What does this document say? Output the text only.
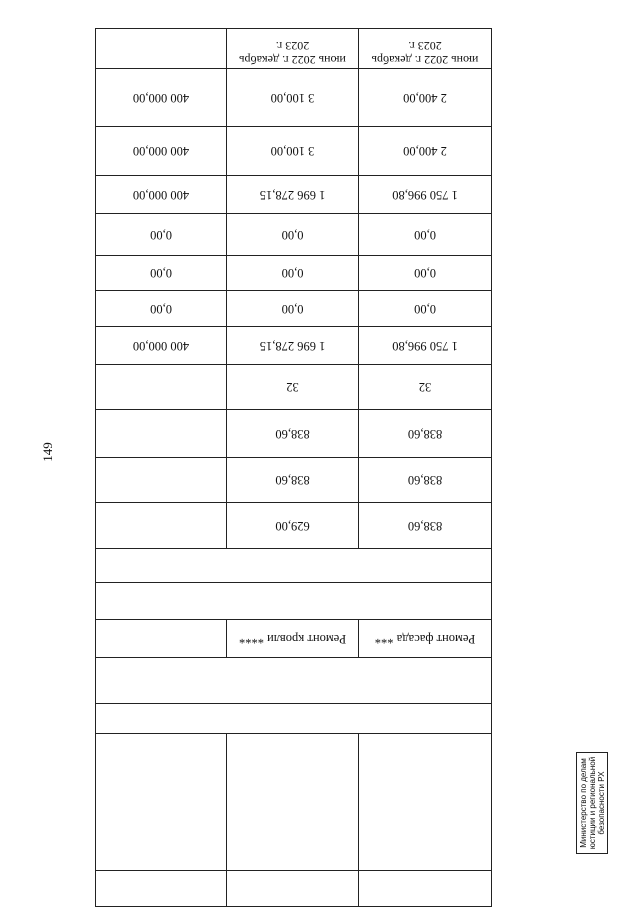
149

Ремонт фасада ***	Ремонт кровли ****	

838,60	629,00	
838,60	838,60	
838,60	838,60	
32	32	
1 750 996,80	1 696 278,15	400 000,00
0,00	0,00	0,00
0,00	0,00	0,00
0,00	0,00	0,00
1 750 996,80	1 696 278,15	400 000,00
2 400,00	3 100,00	400 000,00
2 400,00	3 100,00	400 000,00
июнь 2022 г. декабрь 2023 г.	июнь 2022 г. декабрь 2023 г.	
Министерство по делам юстиции и региональной безопасности РХ
